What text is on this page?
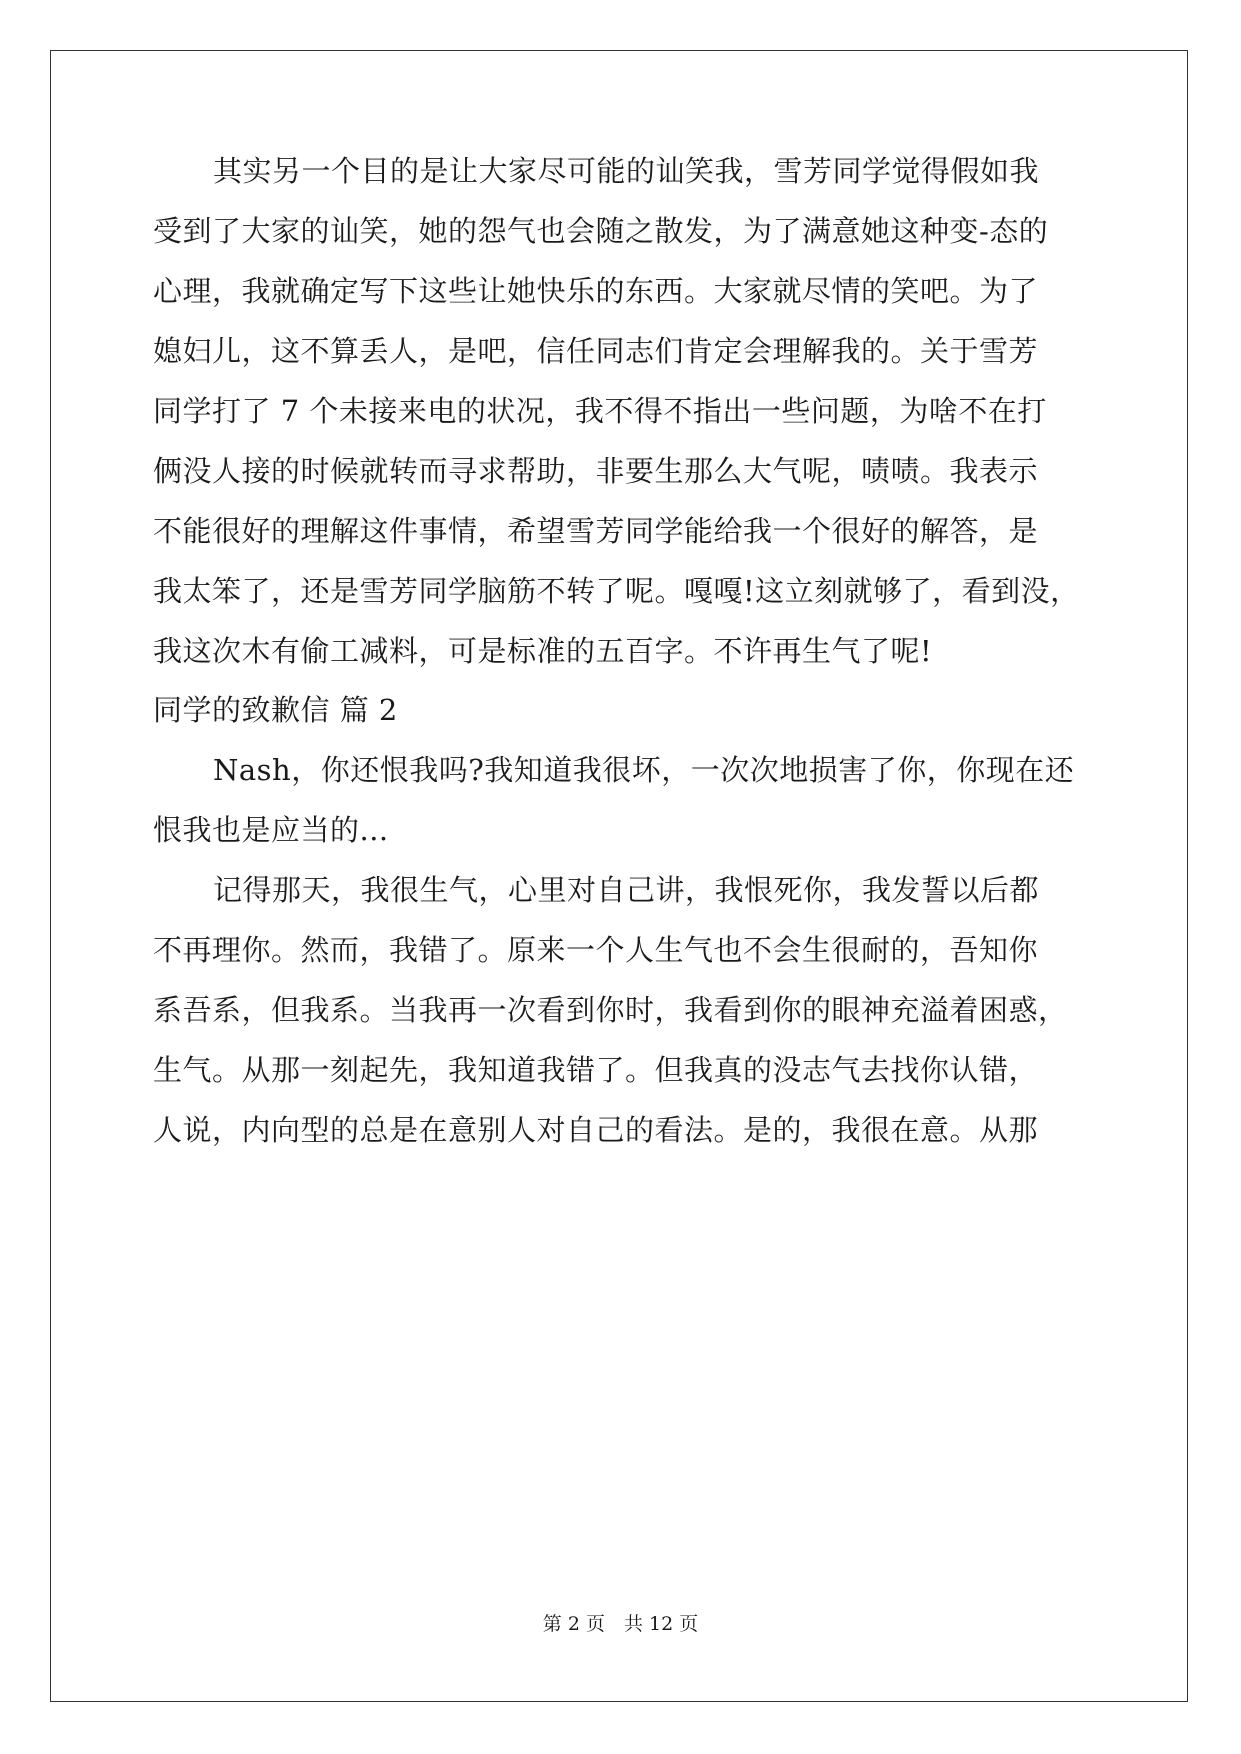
其实另一个目的是让大家尽可能的讪笑我，雪芳同学觉得假如我
受到了大家的讪笑，她的怨气也会随之散发，为了满意她这种变-态的
心理，我就确定写下这些让她快乐的东西。大家就尽情的笑吧。为了
媳妇儿，这不算丢人，是吧，信任同志们肯定会理解我的。关于雪芳
同学打了 7 个未接来电的状况，我不得不指出一些问题，为啥不在打
俩没人接的时候就转而寻求帮助，非要生那么大气呢，啧啧。我表示
不能很好的理解这件事情，希望雪芳同学能给我一个很好的解答，是
我太笨了，还是雪芳同学脑筋不转了呢。嘎嘎!这立刻就够了，看到没，
我这次木有偷工减料，可是标准的五百字。不许再生气了呢!
同学的致歉信 篇 2
Nash，你还恨我吗?我知道我很坏，一次次地损害了你，你现在还
恨我也是应当的...
记得那天，我很生气，心里对自己讲，我恨死你，我发誓以后都
不再理你。然而，我错了。原来一个人生气也不会生很耐的，吾知你
系吾系，但我系。当我再一次看到你时，我看到你的眼神充溢着困惑，
生气。从那一刻起先，我知道我错了。但我真的没志气去找你认错，
人说，内向型的总是在意别人对自己的看法。是的，我很在意。从那
第 2 页　共 12 页
